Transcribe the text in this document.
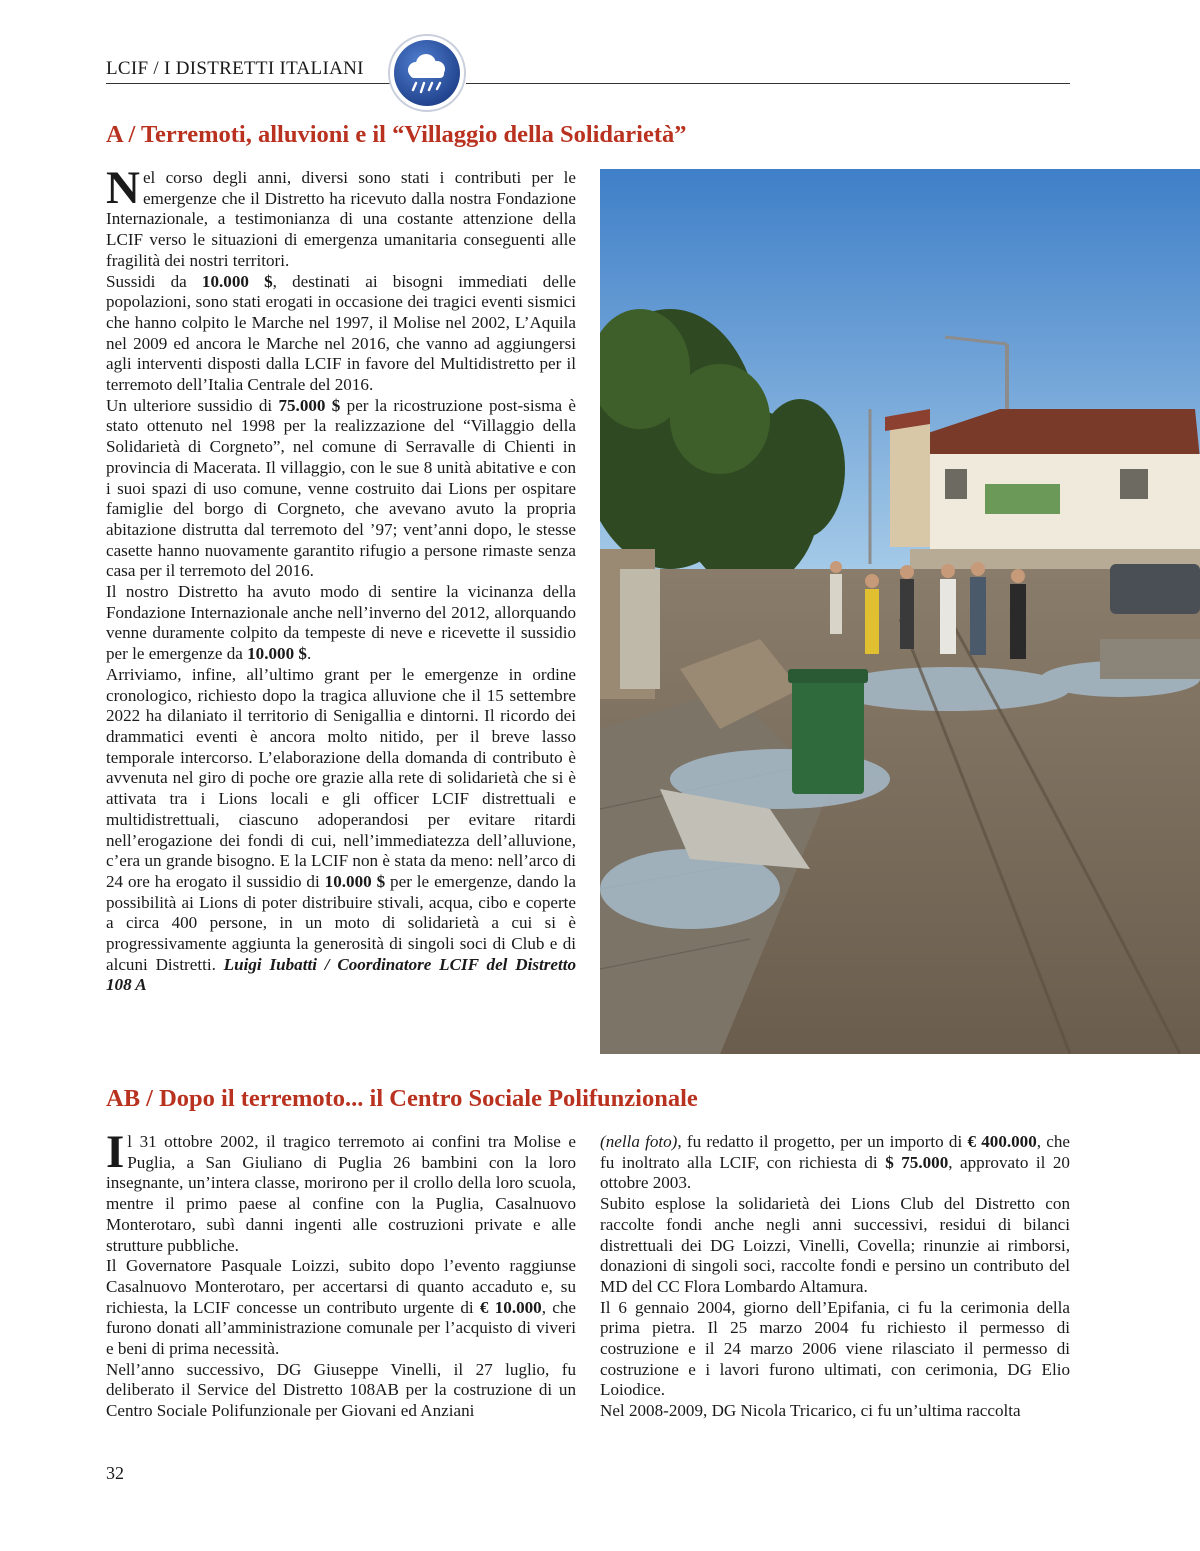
LCIF / I DISTRETTI ITALIANI
A / Terremoti, alluvioni e il “Villaggio della Solidarietà”

Nel corso degli anni, diversi sono stati i contributi per le emergenze che il Distretto ha ricevuto dalla nostra Fondazione Internazionale, a testimonianza di una costante attenzione della LCIF verso le situazioni di emergenza umanitaria conseguenti alle fragilità dei nostri territori.

Sussidi da 10.000 $, destinati ai bisogni immediati delle popolazioni, sono stati erogati in occasione dei tragici eventi sismici che hanno colpito le Marche nel 1997, il Molise nel 2002, L’Aquila nel 2009 ed ancora le Marche nel 2016, che vanno ad aggiungersi agli interventi disposti dalla LCIF in favore del Multidistretto per il terremoto dell’Italia Centrale del 2016.

Un ulteriore sussidio di 75.000 $ per la ricostruzione post-sisma è stato ottenuto nel 1998 per la realizzazione del “Villaggio della Solidarietà di Corgneto”, nel comune di Serravalle di Chienti in provincia di Macerata. Il villaggio, con le sue 8 unità abitative e con i suoi spazi di uso comune, venne costruito dai Lions per ospitare famiglie del borgo di Corgneto, che avevano avuto la propria abitazione distrutta dal terremoto del ’97; vent’anni dopo, le stesse casette hanno nuovamente garantito rifugio a persone rimaste senza casa per il terremoto del 2016.

Il nostro Distretto ha avuto modo di sentire la vicinanza della Fondazione Internazionale anche nell’inverno del 2012, allorquando venne duramente colpito da tempeste di neve e ricevette il sussidio per le emergenze da 10.000 $.

Arriviamo, infine, all’ultimo grant per le emergenze in ordine cronologico, richiesto dopo la tragica alluvione che il 15 settembre 2022 ha dilaniato il territorio di Senigallia e dintorni. Il ricordo dei drammatici eventi è ancora molto nitido, per il breve lasso temporale intercorso. L’elaborazione della domanda di contributo è avvenuta nel giro di poche ore grazie alla rete di solidarietà che si è attivata tra i Lions locali e gli officer LCIF distrettuali e multidistrettuali, ciascuno adoperandosi per evitare ritardi nell’erogazione dei fondi di cui, nell’immediatezza dell’alluvione, c’era un grande bisogno. E la LCIF non è stata da meno: nell’arco di 24 ore ha erogato il sussidio di 10.000 $ per le emergenze, dando la possibilità ai Lions di poter distribuire stivali, acqua, cibo e coperte a circa 400 persone, in un moto di solidarietà a cui si è progressivamente aggiunta la generosità di singoli soci di Club e di alcuni Distretti. Luigi Iubatti / Coordinatore LCIF del Distretto 108 A

AB / Dopo il terremoto... il Centro Sociale Polifunzionale

Il 31 ottobre 2002, il tragico terremoto ai confini tra Molise e Puglia, a San Giuliano di Puglia 26 bambini con la loro insegnante, un’intera classe, morirono per il crollo della loro scuola, mentre il primo paese al confine con la Puglia, Casalnuovo Monterotaro, subì danni ingenti alle costruzioni private e alle strutture pubbliche.

Il Governatore Pasquale Loizzi, subito dopo l’evento raggiunse Casalnuovo Monterotaro, per accertarsi di quanto accaduto e, su richiesta, la LCIF concesse un contributo urgente di € 10.000, che furono donati all’amministrazione comunale per l’acquisto di viveri e beni di prima necessità.

Nell’anno successivo, DG Giuseppe Vinelli, il 27 luglio, fu deliberato il Service del Distretto 108AB per la costruzione di un Centro Sociale Polifunzionale per Giovani ed Anziani

(nella foto), fu redatto il progetto, per un importo di € 400.000, che fu inoltrato alla LCIF, con richiesta di $ 75.000, approvato il 20 ottobre 2003.

Subito esplose la solidarietà dei Lions Club del Distretto con raccolte fondi anche negli anni successivi, residui di bilanci distrettuali dei DG Loizzi, Vinelli, Covella; rinunzie ai rimborsi, donazioni di singoli soci, raccolte fondi e persino un contributo del MD del CC Flora Lombardo Altamura.

Il 6 gennaio 2004, giorno dell’Epifania, ci fu la cerimonia della prima pietra. Il 25 marzo 2004 fu richiesto il permesso di costruzione e il 24 marzo 2006 viene rilasciato il permesso di costruzione e i lavori furono ultimati, con cerimonia, DG Elio Loiodice.

Nel 2008-2009, DG Nicola Tricarico, ci fu un’ultima raccolta

32
